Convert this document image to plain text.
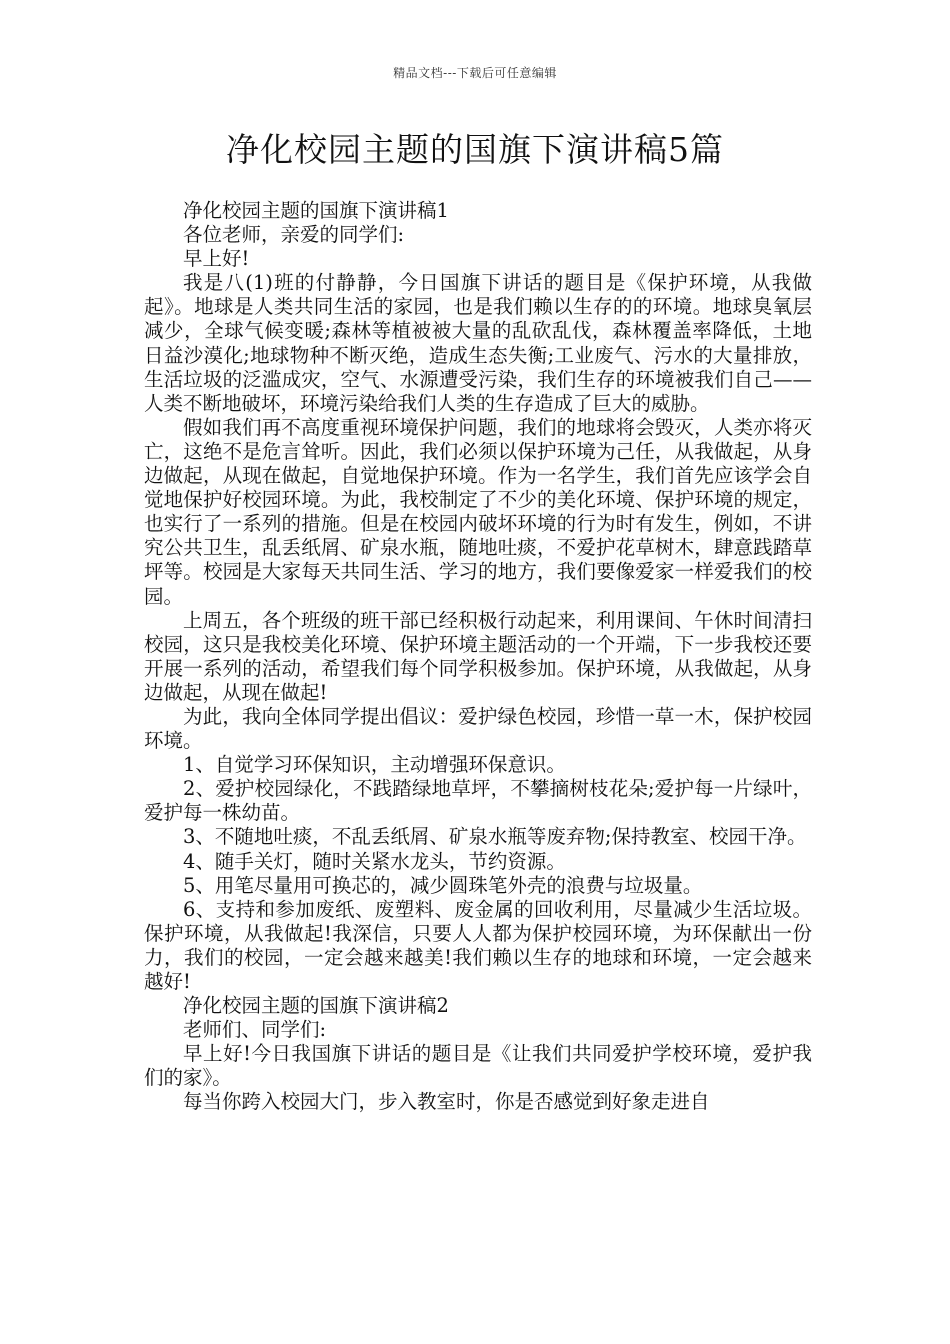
精品文档---下载后可任意编辑
净化校园主题的国旗下演讲稿5篇

净化校园主题的国旗下演讲稿1

各位老师，亲爱的同学们:

早上好!

我是八(1)班的付静静，今日国旗下讲话的题目是《保护环境，从我做起》。地球是人类共同生活的家园，也是我们赖以生存的的环境。地球臭氧层减少，全球气候变暖;森林等植被被大量的乱砍乱伐，森林覆盖率降低，土地日益沙漠化;地球物种不断灭绝，造成生态失衡;工业废气、污水的大量排放，生活垃圾的泛滥成灾，空气、水源遭受污染，我们生存的环境被我们自己——人类不断地破坏，环境污染给我们人类的生存造成了巨大的威胁。

假如我们再不高度重视环境保护问题，我们的地球将会毁灭，人类亦将灭亡，这绝不是危言耸听。因此，我们必须以保护环境为己任，从我做起，从身边做起，从现在做起，自觉地保护环境。作为一名学生，我们首先应该学会自觉地保护好校园环境。为此，我校制定了不少的美化环境、保护环境的规定，也实行了一系列的措施。但是在校园内破坏环境的行为时有发生，例如，不讲究公共卫生，乱丢纸屑、矿泉水瓶，随地吐痰，不爱护花草树木，肆意践踏草坪等。校园是大家每天共同生活、学习的地方，我们要像爱家一样爱我们的校园。

上周五，各个班级的班干部已经积极行动起来，利用课间、午休时间清扫校园，这只是我校美化环境、保护环境主题活动的一个开端，下一步我校还要开展一系列的活动，希望我们每个同学积极参加。保护环境，从我做起，从身边做起，从现在做起!

为此，我向全体同学提出倡议：爱护绿色校园，珍惜一草一木，保护校园环境。

1、自觉学习环保知识，主动增强环保意识。

2、爱护校园绿化，不践踏绿地草坪，不攀摘树枝花朵;爱护每一片绿叶，爱护每一株幼苗。

3、不随地吐痰，不乱丢纸屑、矿泉水瓶等废弃物;保持教室、校园干净。

4、随手关灯，随时关紧水龙头，节约资源。

5、用笔尽量用可换芯的，减少圆珠笔外壳的浪费与垃圾量。

6、支持和参加废纸、废塑料、废金属的回收利用，尽量减少生活垃圾。保护环境，从我做起!我深信，只要人人都为保护校园环境，为环保献出一份力，我们的校园，一定会越来越美!我们赖以生存的地球和环境，一定会越来越好!

净化校园主题的国旗下演讲稿2

老师们、同学们:

早上好!今日我国旗下讲话的题目是《让我们共同爱护学校环境，爱护我们的家》。

每当你跨入校园大门，步入教室时，你是否感觉到好象走进自
